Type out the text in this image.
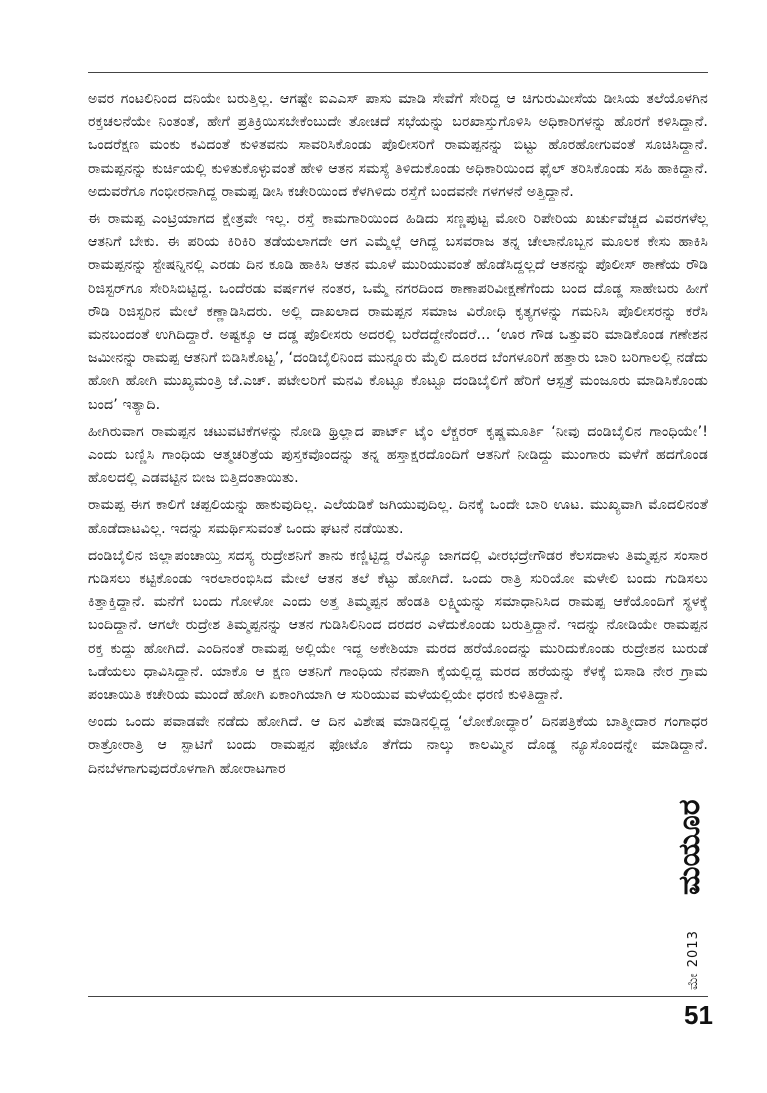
ಅವರ ಗಂಟಲಿನಿಂದ ದನಿಯೇ ಬರುತ್ತಿಲ್ಲ. ಆಗಷ್ಟೇ ಐಎಎಸ್ ಪಾಸು ಮಾಡಿ ಸೇವೆಗೆ ಸೇರಿದ್ದ ಆ ಚಿಗುರುಮೀಸೆಯ ಡೀಸಿಯ ತಲೆಯೊಳಗಿನ ರಕ್ತಚಲನೆಯೇ ನಿಂತಂತೆ, ಹೇಗೆ ಪ್ರತಿಕ್ರಿಯಿಸಬೇಕೆಂಬುದೇ ತೋಚದೆ ಸಭೆಯನ್ನು ಬರಖಾಸ್ತುಗೊಳಿಸಿ ಅಧಿಕಾರಿಗಳನ್ನು ಹೊರಗೆ ಕಳಿಸಿದ್ದಾನೆ. ಒಂದರೆಕ್ಷಣ ಮಂಕು ಕವಿದಂತೆ ಕುಳಿತವನು ಸಾವರಿಸಿಕೊಂಡು ಪೊಲೀಸರಿಗೆ ರಾಮಪ್ಪನನ್ನು ಬಿಟ್ಟು ಹೊರಹೋಗುವಂತೆ ಸೂಚಿಸಿದ್ದಾನೆ. ರಾಮಪ್ಪನನ್ನು ಕುರ್ಚಿಯಲ್ಲಿ ಕುಳಿತುಕೊಳ್ಳುವಂತೆ ಹೇಳಿ ಆತನ ಸಮಸ್ಯೆ ತಿಳಿದುಕೊಂಡು ಅಧಿಕಾರಿಯಿಂದ ಫೈಲ್ ತರಿಸಿಕೊಂಡು ಸಹಿ ಹಾಕಿದ್ದಾನೆ. ಅದುವರೆಗೂ ಗಂಭೀರನಾಗಿದ್ದ ರಾಮಪ್ಪ ಡೀಸಿ ಕಚೇರಿಯಿಂದ ಕೆಳಗಿಳಿದು ರಸ್ತೆಗೆ ಬಂದವನೇ ಗಳಗಳನೆ ಅತ್ತಿದ್ದಾನೆ.

ಈ ರಾಮಪ್ಪ ಎಂಟ್ರಿಯಾಗದ ಕ್ಷೇತ್ರವೇ ಇಲ್ಲ. ರಸ್ತೆ ಕಾಮಗಾರಿಯಿಂದ ಹಿಡಿದು ಸಣ್ಣಪುಟ್ಟ ಮೋರಿ ರಿಪೇರಿಯ ಖರ್ಚುವೆಚ್ಚದ ವಿವರಗಳೆಲ್ಲ ಆತನಿಗೆ ಬೇಕು. ಈ ಪರಿಯ ಕಿರಿಕಿರಿ ತಡೆಯಲಾಗದೇ ಆಗ ಎಮ್ಮೆಲ್ಲೆ ಆಗಿದ್ದ ಬಸವರಾಜ ತನ್ನ ಚೇಲಾನೊಬ್ಬನ ಮೂಲಕ ಕೇಸು ಹಾಕಿಸಿ ರಾಮಪ್ಪನನ್ನು ಸ್ಟೇಷನ್ನಿನಲ್ಲಿ ಎರಡು ದಿನ ಕೂಡಿ ಹಾಕಿಸಿ ಆತನ ಮೂಳೆ ಮುರಿಯುವಂತೆ ಹೊಡೆಸಿದ್ದಲ್ಲದೆ ಆತನನ್ನು ಪೊಲೀಸ್ ಠಾಣೆಯ ರೌಡಿ ರಿಜಿಸ್ಟರ್‌ಗೂ ಸೇರಿಸಿಬಿಟ್ಟಿದ್ದ. ಒಂದೆರಡು ವರ್ಷಗಳ ನಂತರ, ಒಮ್ಮೆ ನಗರದಿಂದ ಠಾಣಾಪರಿವೀಕ್ಷಣೆಗೆಂದು ಬಂದ ದೊಡ್ಡ ಸಾಹೇಬರು ಹೀಗೆ ರೌಡಿ ರಿಜಿಸ್ಟರಿನ ಮೇಲೆ ಕಣ್ಣಾಡಿಸಿದರು. ಅಲ್ಲಿ ದಾಖಲಾದ ರಾಮಪ್ಪನ ಸಮಾಜ ವಿರೋಧಿ ಕೃತ್ಯಗಳನ್ನು ಗಮನಿಸಿ ಪೊಲೀಸರನ್ನು ಕರೆಸಿ ಮನಬಂದಂತೆ ಉಗಿದಿದ್ದಾರೆ. ಅಷ್ಟಕ್ಕೂ ಆ ದಡ್ಡ ಪೊಲೀಸರು ಅದರಲ್ಲಿ ಬರೆದದ್ದೇನೆಂದರೆ... ‘ಊರ ಗೌಡ ಒತ್ತುವರಿ ಮಾಡಿಕೊಂಡ ಗಣೇಶನ ಜಮೀನನ್ನು ರಾಮಪ್ಪ ಆತನಿಗೆ ಬಿಡಿಸಿಕೊಟ್ಟ’, ‘ದಂಡಿಬೈಲಿನಿಂದ ಮುನ್ನೂರು ಮೈಲಿ ದೂರದ ಬೆಂಗಳೂರಿಗೆ ಹತ್ತಾರು ಬಾರಿ ಬರಿಗಾಲಲ್ಲಿ ನಡೆದು ಹೋಗಿ ಹೋಗಿ ಮುಖ್ಯಮಂತ್ರಿ ಜೆ.ಎಚ್. ಪಟೇಲರಿಗೆ ಮನವಿ ಕೊಟ್ಟೂ ಕೊಟ್ಟೂ ದಂಡಿಬೈಲಿಗೆ ಹೆರಿಗೆ ಆಸ್ಪತ್ರೆ ಮಂಜೂರು ಮಾಡಿಸಿಕೊಂಡು ಬಂದ’ ಇತ್ಯಾದಿ.

ಹೀಗಿರುವಾಗ ರಾಮಪ್ಪನ ಚಟುವಟಿಕೆಗಳನ್ನು ನೋಡಿ ಥ್ರಿಲ್ಲಾದ ಪಾರ್ಟ್ ಟೈಂ ಲೆಕ್ಚರರ್ ಕೃಷ್ಣಮೂರ್ತಿ ‘ನೀವು ದಂಡಿಬೈಲಿನ ಗಾಂಧಿಯೇ’! ಎಂದು ಬಣ್ಣಿಸಿ ಗಾಂಧಿಯ ಆತ್ಮಚರಿತ್ರೆಯ ಪುಸ್ತಕವೊಂದನ್ನು ತನ್ನ ಹಸ್ತಾಕ್ಷರದೊಂದಿಗೆ ಆತನಿಗೆ ನೀಡಿದ್ದು ಮುಂಗಾರು ಮಳೆಗೆ ಹದಗೊಂಡ ಹೊಲದಲ್ಲಿ ಎಡವಟ್ಟಿನ ಬೀಜ ಬಿತ್ತಿದಂತಾಯಿತು.

ರಾಮಪ್ಪ ಈಗ ಕಾಲಿಗೆ ಚಪ್ಪಲಿಯನ್ನು ಹಾಕುವುದಿಲ್ಲ. ಎಲೆಯಡಿಕೆ ಜಗಿಯುವುದಿಲ್ಲ. ದಿನಕ್ಕೆ ಒಂದೇ ಬಾರಿ ಊಟ. ಮುಖ್ಯವಾಗಿ ಮೊದಲಿನಂತೆ ಹೊಡೆದಾಟವಿಲ್ಲ. ಇದನ್ನು ಸಮರ್ಥಿಸುವಂತೆ ಒಂದು ಘಟನೆ ನಡೆಯಿತು.

ದಂಡಿಬೈಲಿನ ಜಿಲ್ಲಾಪಂಚಾಯ್ತಿ ಸದಸ್ಯ ರುದ್ರೇಶನಿಗೆ ತಾನು ಕಣ್ಣಿಟ್ಟಿದ್ದ ರೆವಿನ್ಯೂ ಜಾಗದಲ್ಲಿ ವೀರಭದ್ರೇಗೌಡರ ಕೆಲಸದಾಳು ತಿಮ್ಮಪ್ಪನ ಸಂಸಾರ ಗುಡಿಸಲು ಕಟ್ಟಿಕೊಂಡು ಇರಲಾರಂಭಿಸಿದ ಮೇಲೆ ಆತನ ತಲೆ ಕೆಟ್ಟು ಹೋಗಿದೆ. ಒಂದು ರಾತ್ರಿ ಸುರಿಯೋ ಮಳೇಲಿ ಬಂದು ಗುಡಿಸಲು ಕಿತ್ತಾಕ್ತಿದ್ದಾನೆ. ಮನೆಗೆ ಬಂದು ಗೋಳೋ ಎಂದು ಅತ್ತ ತಿಮ್ಮಪ್ಪನ ಹೆಂಡತಿ ಲಕ್ಷ್ಮಿಯನ್ನು ಸಮಾಧಾನಿಸಿದ ರಾಮಪ್ಪ ಆಕೆಯೊಂದಿಗೆ ಸ್ಥಳಕ್ಕೆ ಬಂದಿದ್ದಾನೆ. ಆಗಲೇ ರುದ್ರೇಶ ತಿಮ್ಮಪ್ಪನನ್ನು ಆತನ ಗುಡಿಸಿಲಿನಿಂದ ದರದರ ಎಳೆದುಕೊಂಡು ಬರುತ್ತಿದ್ದಾನೆ. ಇದನ್ನು ನೋಡಿಯೇ ರಾಮಪ್ಪನ ರಕ್ತ ಕುದ್ದು ಹೋಗಿದೆ. ಎಂದಿನಂತೆ ರಾಮಪ್ಪ ಅಲ್ಲಿಯೇ ಇದ್ದ ಅಕೇಶಿಯಾ ಮರದ ಹರೆಯೊಂದನ್ನು ಮುರಿದುಕೊಂಡು ರುದ್ರೇಶನ ಬುರುಡೆ ಒಡೆಯಲು ಧಾವಿಸಿದ್ದಾನೆ. ಯಾಕೊ ಆ ಕ್ಷಣ ಆತನಿಗೆ ಗಾಂಧಿಯ ನೆನಪಾಗಿ ಕೈಯಲ್ಲಿದ್ದ ಮರದ ಹರೆಯನ್ನು ಕೆಳಕ್ಕೆ ಬಿಸಾಡಿ ನೇರ ಗ್ರಾಮ ಪಂಚಾಯಿತಿ ಕಚೇರಿಯ ಮುಂದೆ ಹೋಗಿ ಏಕಾಂಗಿಯಾಗಿ ಆ ಸುರಿಯುವ ಮಳೆಯಲ್ಲಿಯೇ ಧರಣಿ ಕುಳಿತಿದ್ದಾನೆ.

ಅಂದು ಒಂದು ಪವಾಡವೇ ನಡೆದು ಹೋಗಿದೆ. ಆ ದಿನ ವಿಶೇಷ ಮಾಡಿನಲ್ಲಿದ್ದ ‘ಲೋಕೋದ್ಧಾರ’ ದಿನಪತ್ರಿಕೆಯ ಬಾತ್ಮೀದಾರ ಗಂಗಾಧರ ರಾತ್ರೋರಾತ್ರಿ ಆ ಸ್ಪಾಟಿಗೆ ಬಂದು ರಾಮಪ್ಪನ ಫೋಟೊ ತೆಗೆದು ನಾಲ್ಕು ಕಾಲಮ್ಮಿನ ದೊಡ್ಡ ನ್ಯೂಸೊಂದನ್ನೇ ಮಾಡಿದ್ದಾನೆ. ದಿನಬೆಳಗಾಗುವುದರೊಳಗಾಗಿ ಹೋರಾಟಗಾರ

ಮಯೂರ
ಮೇ 2013
51
